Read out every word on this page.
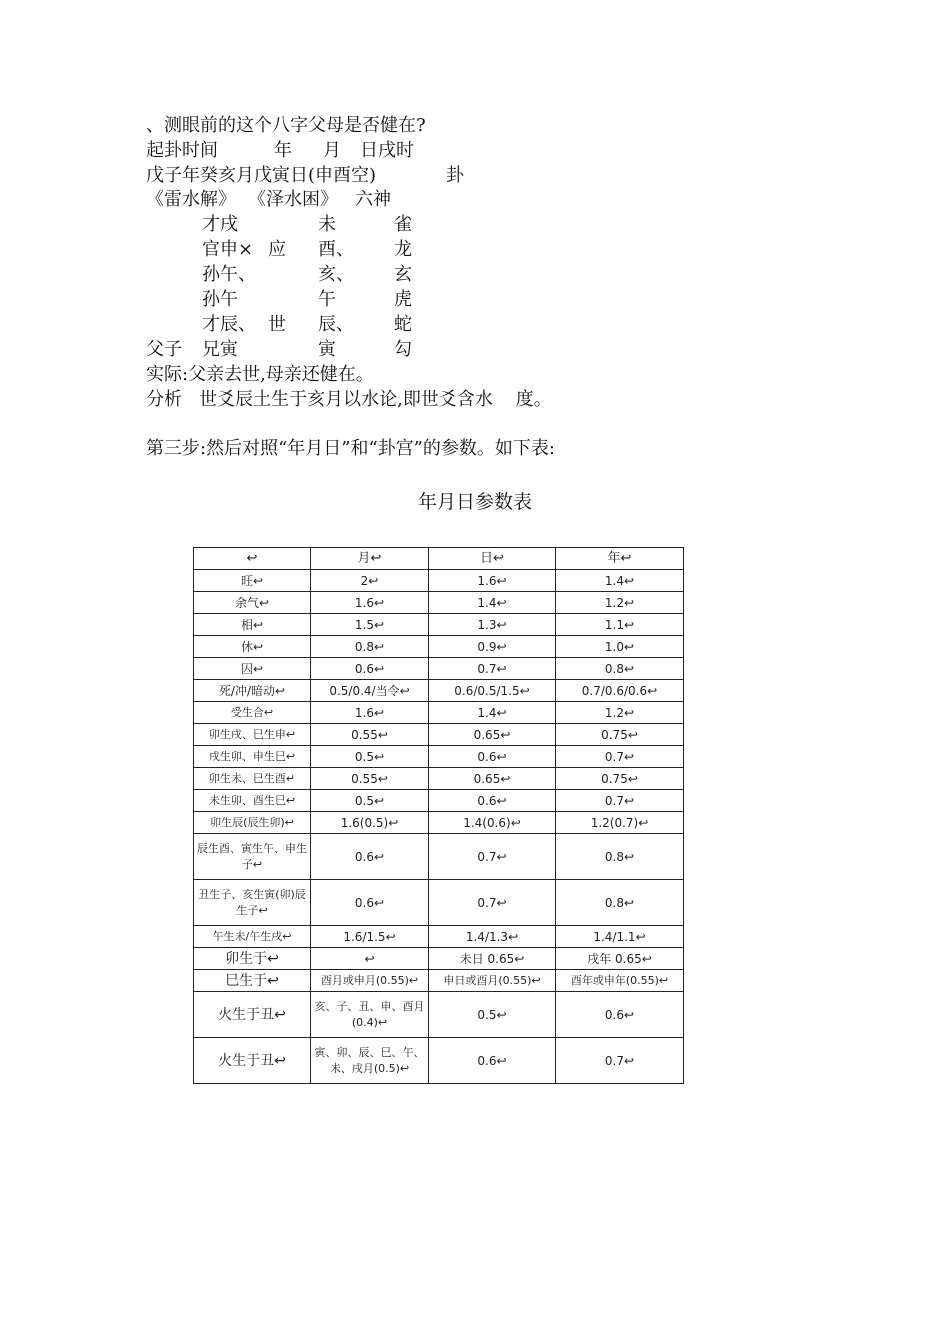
、测眼前的这个八字父母是否健在?
起卦时间	年 月 日戌时
戊子年癸亥月戊寅日(申酉空)	卦
《雷水解》 《泽水困》 六神
才戌	未	雀
官申× 应 酉、 龙
孙午、	亥、 玄
孙午	午	虎
才辰、 世 辰、 蛇
父子 兄寅	寅	勾
实际:父亲去世,母亲还健在。
分析   世爻辰土生于亥月以水论,即世爻含水    度。
第三步:然后对照“年月日”和“卦宫”的参数。如下表:
年月日参数表
↩	月↩	日↩	年↩
旺↩	2↩	1.6↩	1.4↩
余气↩	1.6↩	1.4↩	1.2↩
相↩	1.5↩	1.3↩	1.1↩
休↩	0.8↩	0.9↩	1.0↩
囚↩	0.6↩	0.7↩	0.8↩
死/冲/暗动↩	0.5/0.4/当令↩	0.6/0.5/1.5↩	0.7/0.6/0.6↩
受生合↩	1.6↩	1.4↩	1.2↩
卯生戌、巳生申↩	0.55↩	0.65↩	0.75↩
戌生卯、申生巳↩	0.5↩	0.6↩	0.7↩
卯生未、巳生酉↵	0.55↩	0.65↩	0.75↩
未生卯、酉生巳↩	0.5↩	0.6↩	0.7↩
卯生辰(辰生卯)↩	1.6(0.5)↩	1.4(0.6)↩	1.2(0.7)↩
辰生酉、寅生午、申生子↩	0.6↩	0.7↩	0.8↩
丑生子、亥生寅(卯)辰生子↩	0.6↩	0.7↩	0.8↩
午生未/午生戌↩	1.6/1.5↩	1.4/1.3↩	1.4/1.1↩
卯生于↩	↩	未日 0.65↩	戌年 0.65↩
巳生于↩	酉月或申月(0.55)↩	申日或酉月(0.55)↩	酉年或申年(0.55)↩
火生于丑↩	亥、子、丑、申、酉月(0.4)↩	0.5↩	0.6↩
火生于丑↩	寅、卯、辰、巳、午、未、戌月(0.5)↩	0.6↩	0.7↩
